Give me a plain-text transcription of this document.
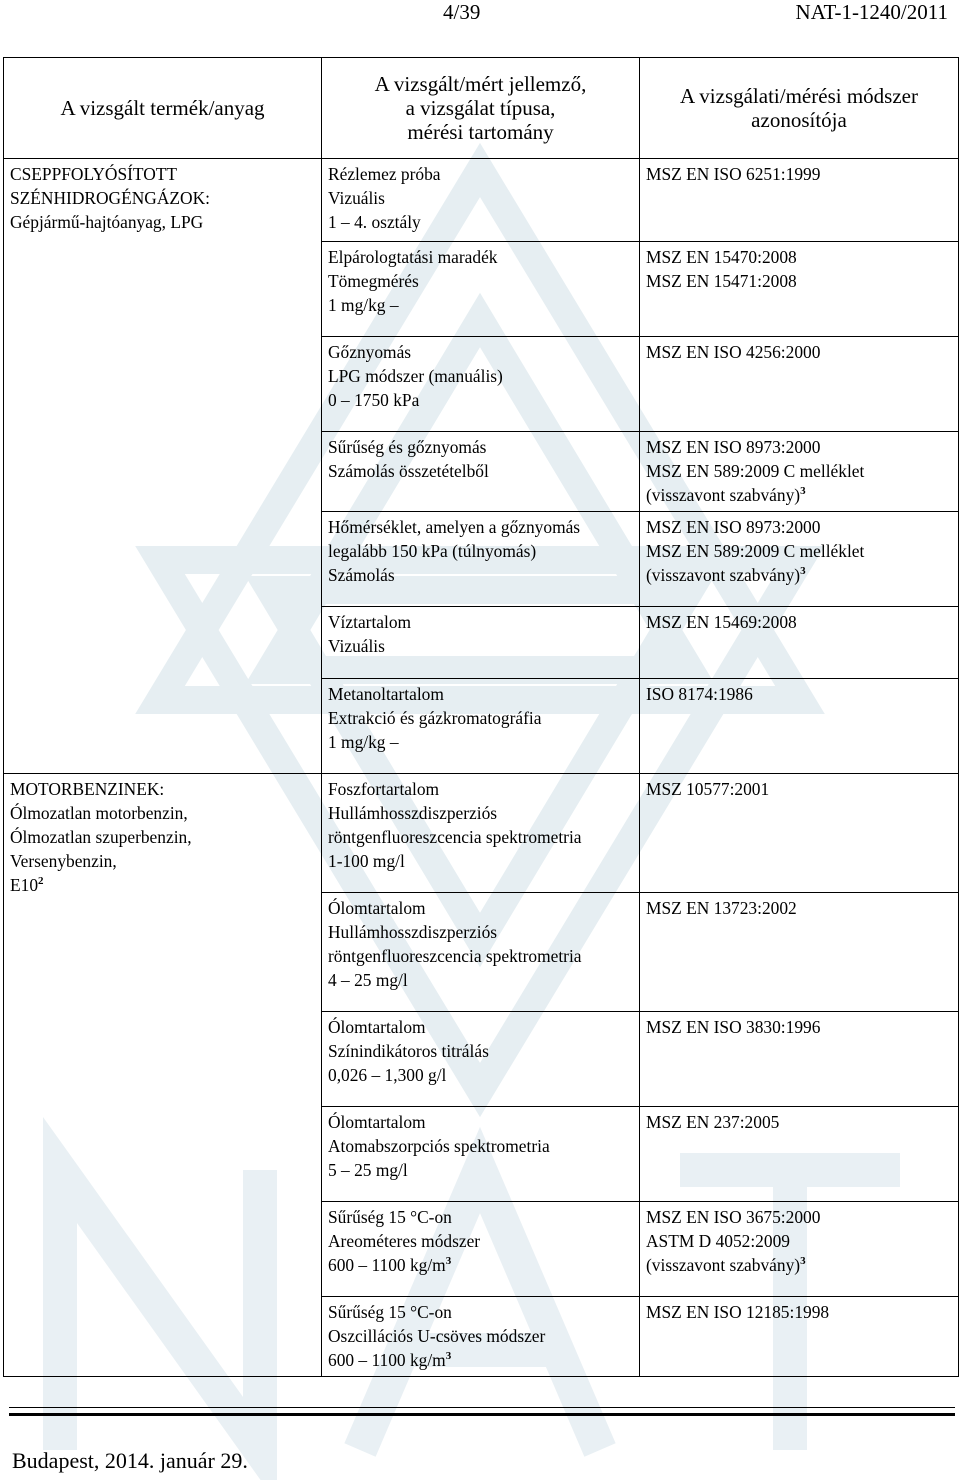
4/39	NAT-1-1240/2011
A vizsgált termék/anyag	A vizsgált/mért jellemző,
a vizsgálat típusa,
mérési tartomány	A vizsgálati/mérési módszer
azonosítója

CSEPPFOLYÓSÍTOTT
SZÉNHIDROGÉNGÁZOK:
Gépjármű-hajtóanyag, LPG	Rézlemez próba
Vizuális
1 – 4. osztály	MSZ EN ISO 6251:1999

	Elpárologtatási maradék
Tömegmérés
1 mg/kg –	MSZ EN 15470:2008
MSZ EN 15471:2008

	Gőznyomás
LPG módszer (manuális)
0 – 1750 kPa	MSZ EN ISO 4256:2000

	Sűrűség és gőznyomás
Számolás összetételből	MSZ EN ISO 8973:2000
MSZ EN 589:2009 C melléklet
(visszavont szabvány)$^3$

	Hőmérséklet, amelyen a gőznyomás
legalább 150 kPa (túlnyomás)
Számolás	MSZ EN ISO 8973:2000
MSZ EN 589:2009 C melléklet
(visszavont szabvány)$^3$

	Víztartalom
Vizuális	MSZ EN 15469:2008

	Metanoltartalom
Extrakció és gázkromatográfia
1 mg/kg –	ISO 8174:1986

MOTORBENZINEK:
Ólmozatlan motorbenzin,
Ólmozatlan szuperbenzin,
Versenybenzin,
$E10^2$	Foszfortartalom
Hullámhosszdiszperziós
röntgenfluoreszcencia spektrometria
1-100 mg/l	MSZ 10577:2001

	Ólomtartalom
Hullámhosszdiszperziós
röntgenfluoreszcencia spektrometria
4 – 25 mg/l	MSZ EN 13723:2002

	Ólomtartalom
Színindikátoros titrálás
0,026 – 1,300 g/l	MSZ EN ISO 3830:1996

	Ólomtartalom
Atomabszorpciós spektrometria
5 – 25 mg/l	MSZ EN 237:2005

	Sűrűség 15 °C-on
Areométeres módszer
600 – 1100 $kg/m^3$	MSZ EN ISO 3675:2000
ASTM D 4052:2009
(visszavont szabvány)$^3$

	Sűrűség 15 °C-on
Oszcillációs U-csöves módszer
600 – 1100 $kg/m^3$	MSZ EN ISO 12185:1998
Budapest, 2014. január 29.
